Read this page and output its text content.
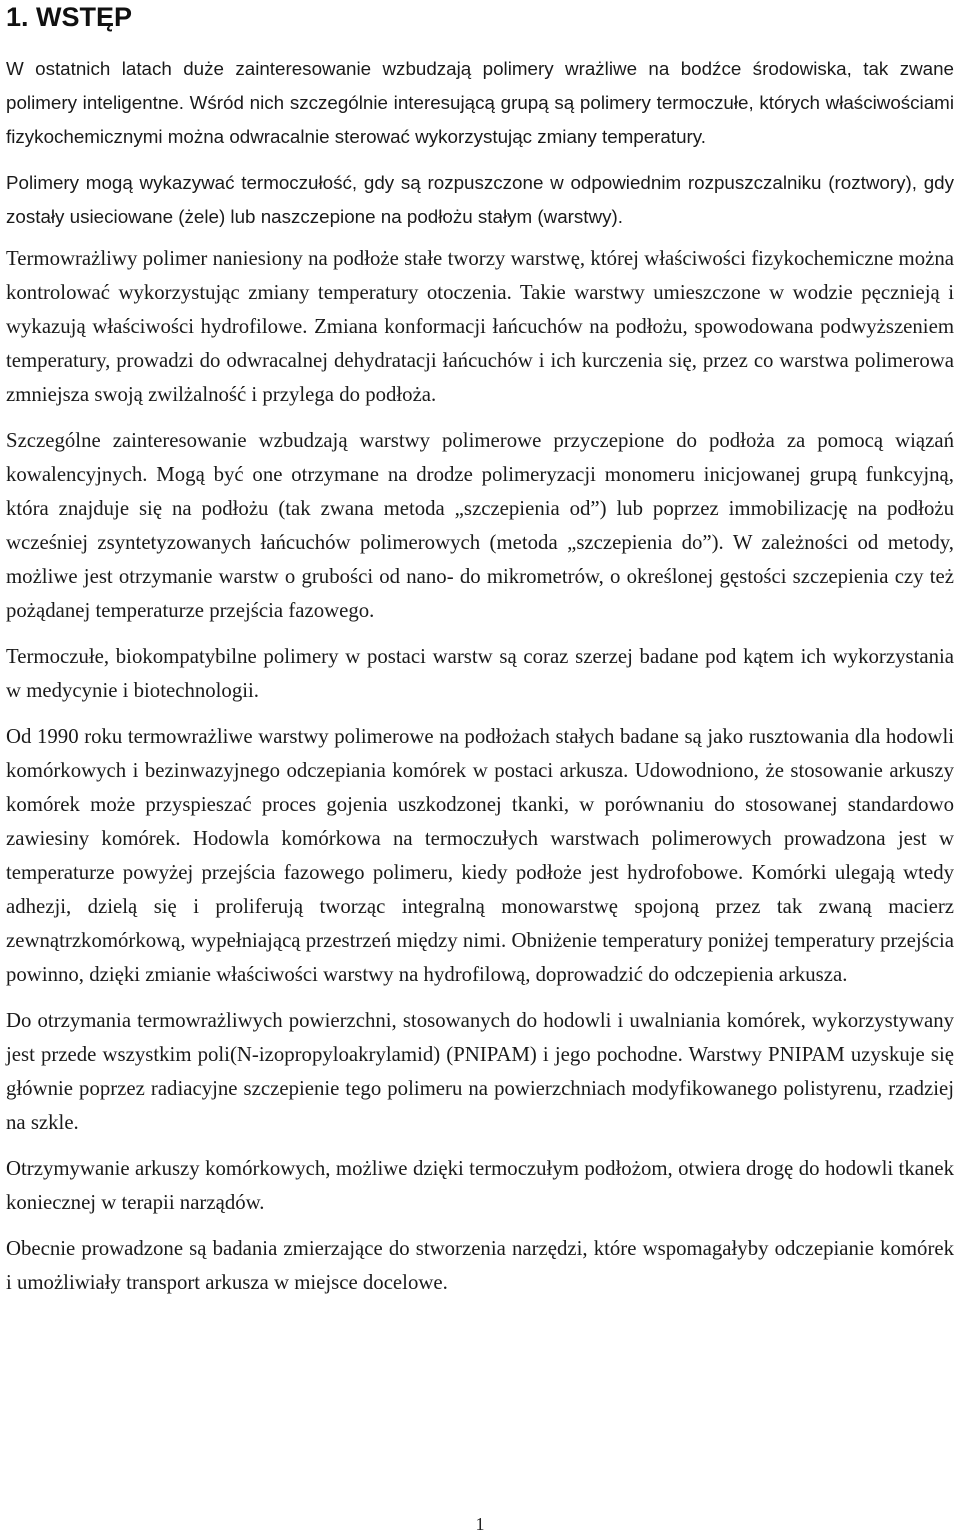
1. WSTĘP

W ostatnich latach duże zainteresowanie wzbudzają polimery wrażliwe na bodźce środowiska, tak zwane polimery inteligentne. Wśród nich szczególnie interesującą grupą są polimery termoczułe, których właściwościami fizykochemicznymi można odwracalnie sterować wykorzystując zmiany temperatury.

Polimery mogą wykazywać termoczułość, gdy są rozpuszczone w odpowiednim rozpuszczalniku (roztwory), gdy zostały usieciowane (żele) lub naszczepione na podłożu stałym (warstwy).

Termowrażliwy polimer naniesiony na podłoże stałe tworzy warstwę, której właściwości fizykochemiczne można kontrolować wykorzystując zmiany temperatury otoczenia. Takie warstwy umieszczone w wodzie pęcznieją i wykazują właściwości hydrofilowe. Zmiana konformacji łańcuchów na podłożu, spowodowana podwyższeniem temperatury, prowadzi do odwracalnej dehydratacji łańcuchów i ich kurczenia się, przez co warstwa polimerowa zmniejsza swoją zwilżalność i przylega do podłoża.

Szczególne zainteresowanie wzbudzają warstwy polimerowe przyczepione do podłoża za pomocą wiązań kowalencyjnych. Mogą być one otrzymane na drodze polimeryzacji monomeru inicjowanej grupą funkcyjną, która znajduje się na podłożu (tak zwana metoda „szczepienia od”) lub poprzez immobilizację na podłożu wcześniej zsyntetyzowanych łańcuchów polimerowych (metoda „szczepienia do”). W zależności od metody, możliwe jest otrzymanie warstw o grubości od nano- do mikrometrów, o określonej gęstości szczepienia czy też pożądanej temperaturze przejścia fazowego.

Termoczułe, biokompatybilne polimery w postaci warstw są coraz szerzej badane pod kątem ich wykorzystania w medycynie i biotechnologii.

Od 1990 roku termowrażliwe warstwy polimerowe na podłożach stałych badane są jako rusztowania dla hodowli komórkowych i bezinwazyjnego odczepiania komórek w postaci arkusza. Udowodniono, że stosowanie arkuszy komórek może przyspieszać proces gojenia uszkodzonej tkanki, w porównaniu do stosowanej standardowo zawiesiny komórek. Hodowla komórkowa na termoczułych warstwach polimerowych prowadzona jest w temperaturze powyżej przejścia fazowego polimeru, kiedy podłoże jest hydrofobowe. Komórki ulegają wtedy adhezji, dzielą się i proliferują tworząc integralną monowarstwę spojoną przez tak zwaną macierz zewnątrzkomórkową, wypełniającą przestrzeń między nimi. Obniżenie temperatury poniżej temperatury przejścia powinno, dzięki zmianie właściwości warstwy na hydrofilową, doprowadzić do odczepienia arkusza.

Do otrzymania termowrażliwych powierzchni, stosowanych do hodowli i uwalniania komórek, wykorzystywany jest przede wszystkim poli(N-izopropyloakrylamid) (PNIPAM) i jego pochodne. Warstwy PNIPAM uzyskuje się głównie poprzez radiacyjne szczepienie tego polimeru na powierzchniach modyfikowanego polistyrenu, rzadziej na szkle.

Otrzymywanie arkuszy komórkowych, możliwe dzięki termoczułym podłożom, otwiera drogę do hodowli tkanek koniecznej w terapii narządów.

Obecnie prowadzone są badania zmierzające do stworzenia narzędzi, które wspomagałyby odczepianie komórek i umożliwiały transport arkusza w miejsce docelowe.

1
